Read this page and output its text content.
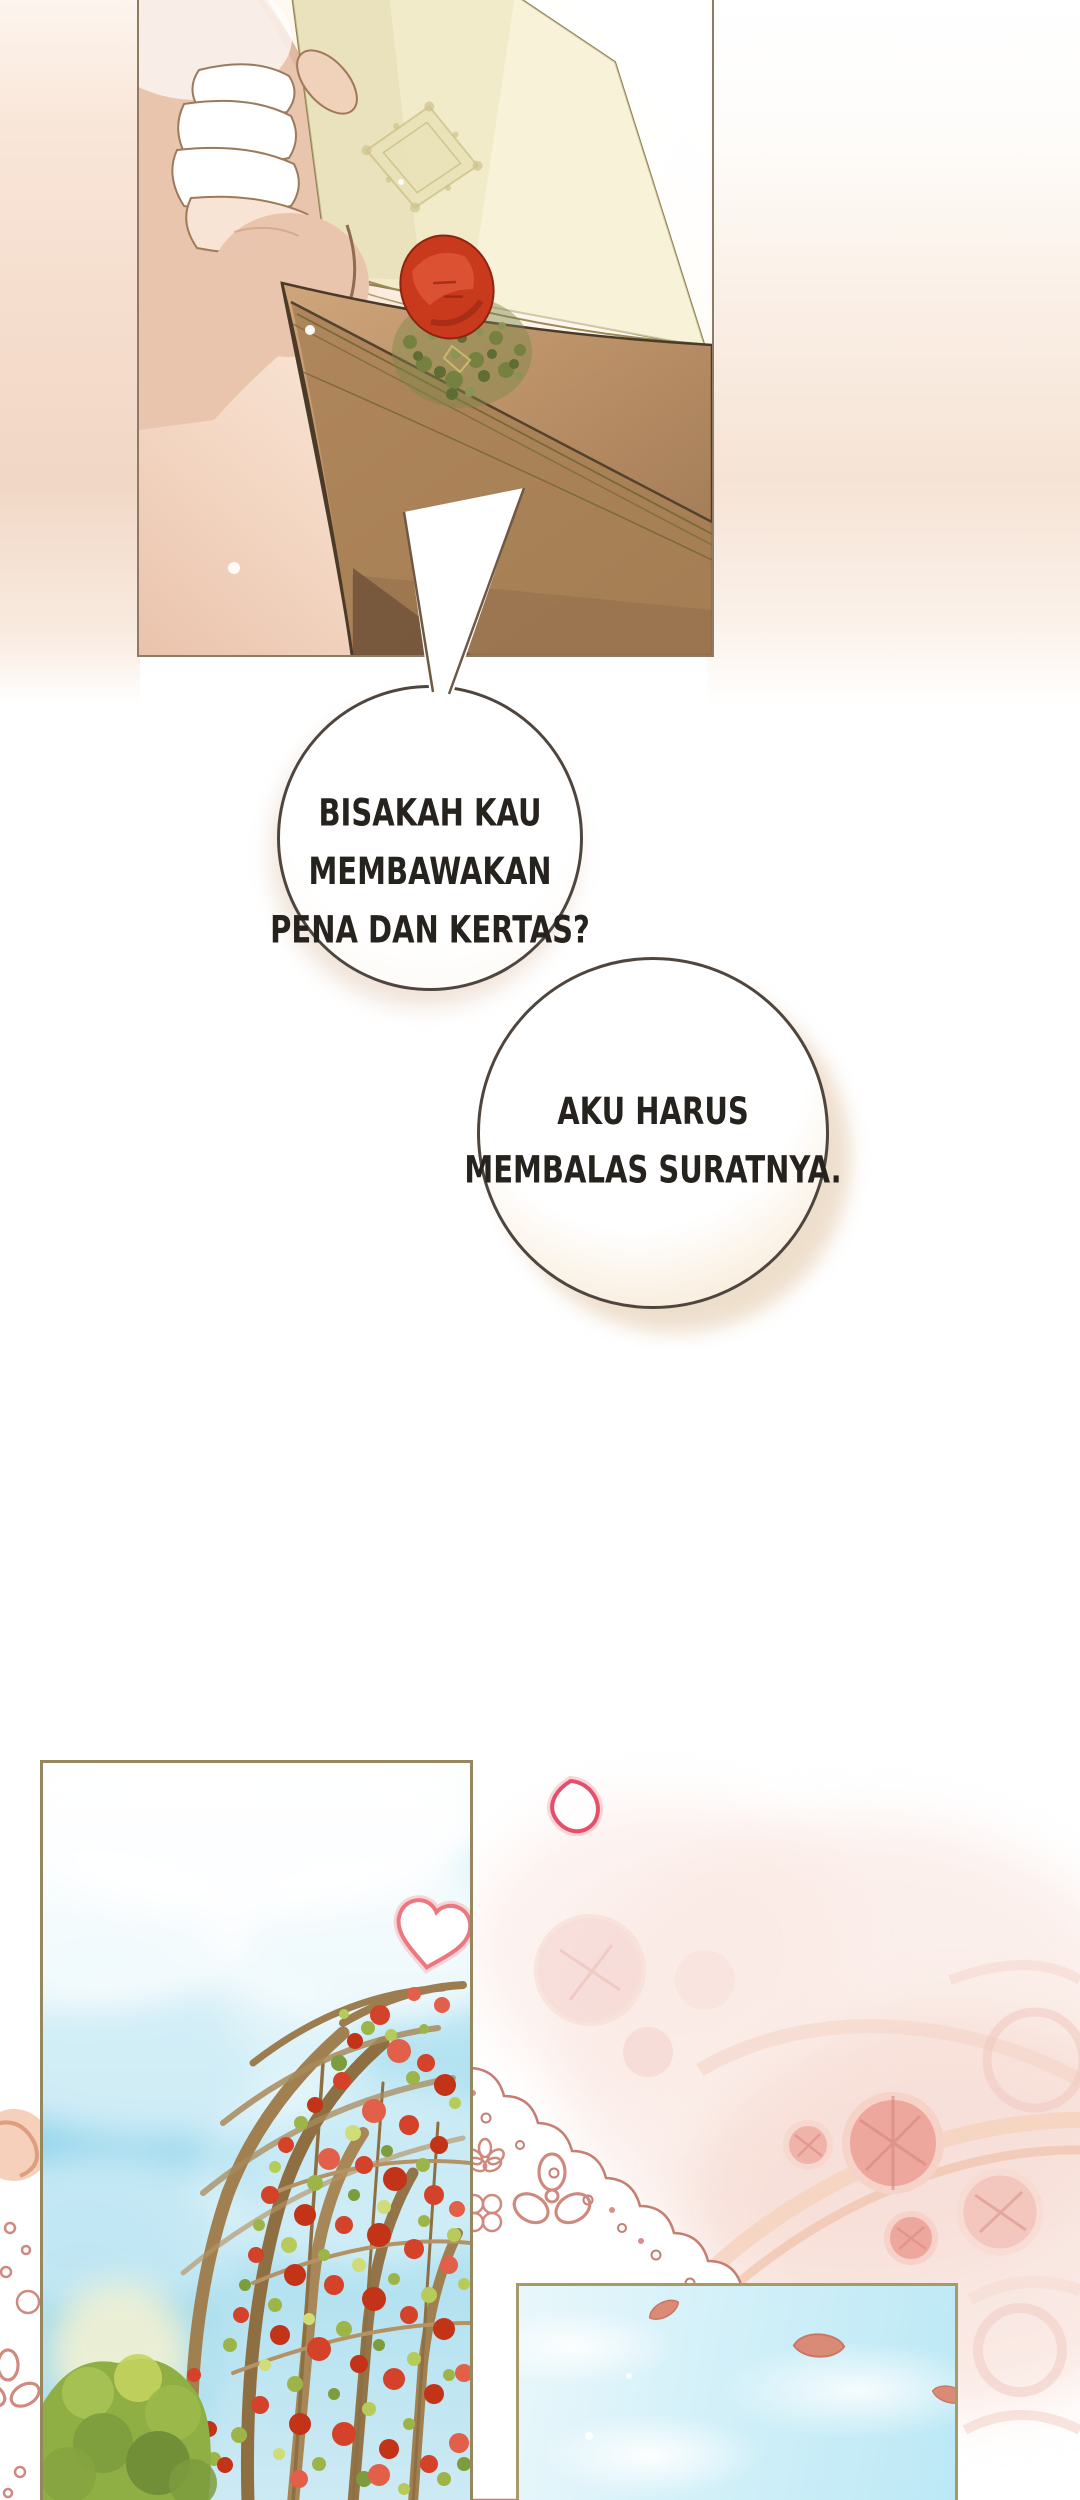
BISAKAH KAU
MEMBAWAKAN
PENA DAN KERTAS?
AKU HARUS
MEMBALAS SURATNYA.
